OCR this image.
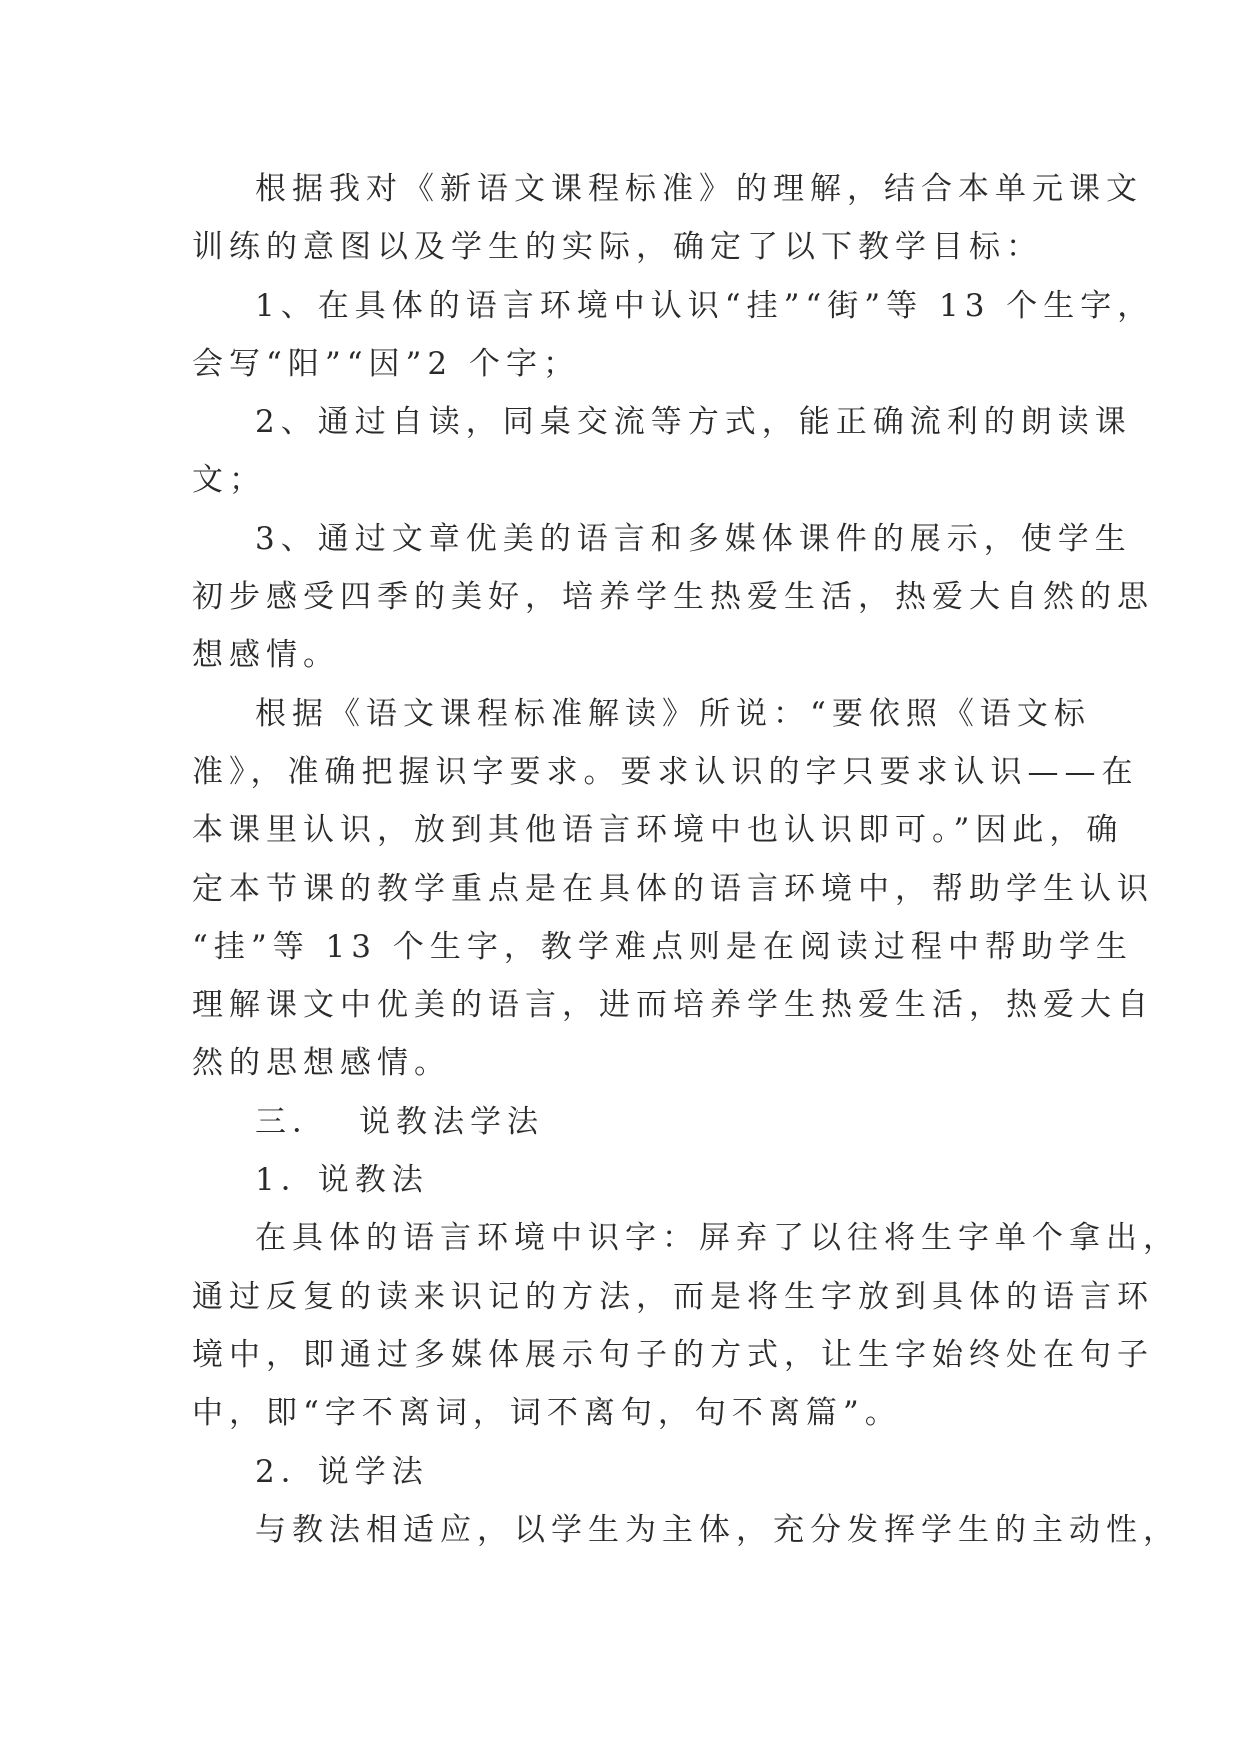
根据我对《新语文课程标准》的理解，结合本单元课文
训练的意图以及学生的实际，确定了以下教学目标：
1、在具体的语言环境中认识“挂”“街”等 13 个生字，
会写“阳”“因”2 个字；
2、通过自读，同桌交流等方式，能正确流利的朗读课
文；
3、通过文章优美的语言和多媒体课件的展示，使学生
初步感受四季的美好，培养学生热爱生活，热爱大自然的思
想感情。
根据《语文课程标准解读》所说：“要依照《语文标
准》，准确把握识字要求。要求认识的字只要求认识——在
本课里认识，放到其他语言环境中也认识即可。”因此，确
定本节课的教学重点是在具体的语言环境中，帮助学生认识
“挂”等 13 个生字，教学难点则是在阅读过程中帮助学生
理解课文中优美的语言，进而培养学生热爱生活，热爱大自
然的思想感情。
三． 说教法学法
1．说教法
在具体的语言环境中识字：屏弃了以往将生字单个拿出，
通过反复的读来识记的方法，而是将生字放到具体的语言环
境中，即通过多媒体展示句子的方式，让生字始终处在句子
中，即“字不离词，词不离句，句不离篇”。
2．说学法
与教法相适应，以学生为主体，充分发挥学生的主动性，
